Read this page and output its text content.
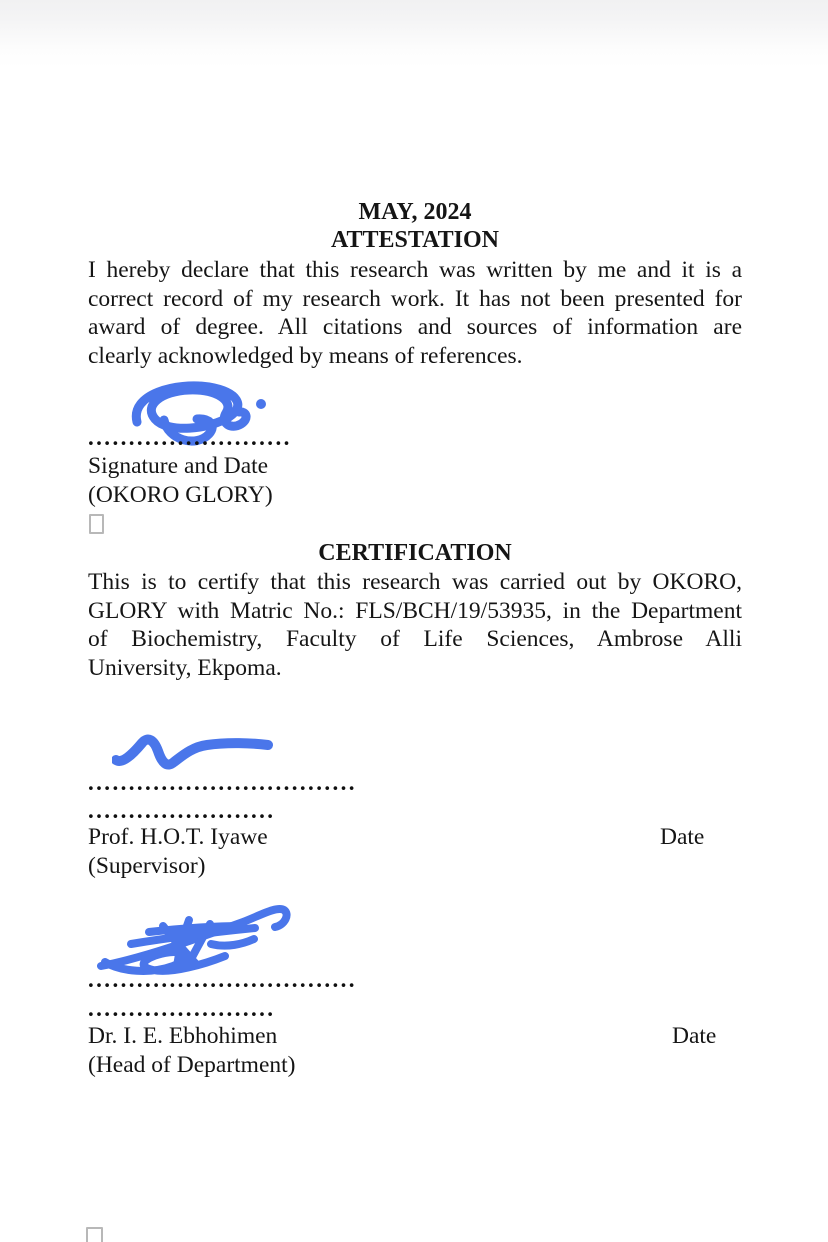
MAY, 2024
ATTESTATION
I hereby declare that this research was written by me and it is a
correct record of my research work. It has not been presented for
award of degree. All citations and sources of information are
clearly acknowledged by means of references.
.........................
Signature and Date
(OKORO GLORY)
CERTIFICATION
This is to certify that this research was carried out by OKORO,
GLORY with Matric No.: FLS/BCH/19/53935, in the Department
of Biochemistry, Faculty of Life Sciences, Ambrose Alli
University, Ekpoma.
.................................
.......................
Prof. H.O.T. Iyawe	Date
(Supervisor)
.................................
.......................
Dr. I. E. Ebhohimen	Date
(Head of Department)
